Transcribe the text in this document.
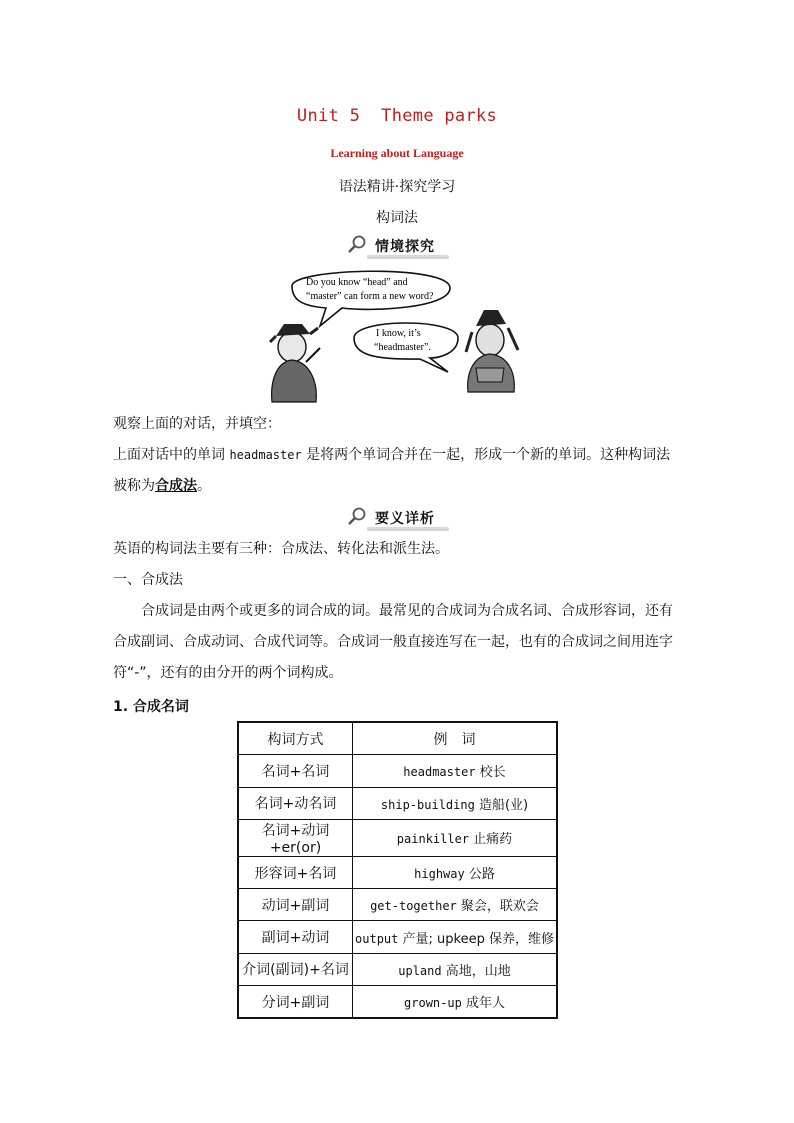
Unit 5  Theme parks
Learning about Language
语法精讲·探究学习
构词法
情境探究
Do you know “head” and
“master” can form a new word?
I know, it’s
“headmaster”.
观察上面的对话，并填空：
上面对话中的单词 headmaster 是将两个单词合并在一起，形成一个新的单词。这种构词法被称为合成法。
要义详析
英语的构词法主要有三种：合成法、转化法和派生法。
一、合成法
合成词是由两个或更多的词合成的词。最常见的合成词为合成名词、合成形容词，还有合成副词、合成动词、合成代词等。合成词一般直接连写在一起，也有的合成词之间用连字符“-”，还有的由分开的两个词构成。
1. 合成名词
构词方式	例　词
名词+名词	headmaster 校长
名词+动名词	ship-building 造船(业)
名词+动词+er(or)	painkiller 止痛药
形容词+名词	highway 公路
动词+副词	get-together 聚会，联欢会
副词+动词	output 产量; upkeep 保养，维修
介词(副词)+名词	upland 高地，山地
分词+副词	grown-up 成年人
